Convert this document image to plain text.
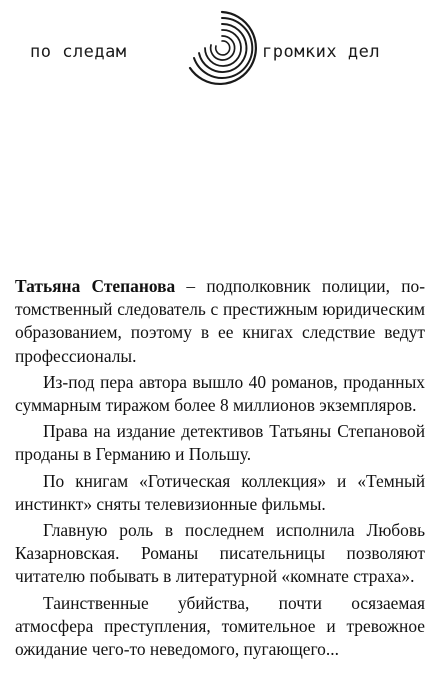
по следам	громких дел

Татьяна Степанова – подполковник полиции, потомственный следователь с престижным юридическим образованием, поэтому в ее книгах следствие ведут профессионалы.

Из-под пера автора вышло 40 романов, проданных суммарным тиражом более 8 миллионов экземпляров.

Права на издание детективов Татьяны Степановой проданы в Германию и Польшу.

По книгам «Готическая коллекция» и «Темный инстинкт» сняты телевизионные фильмы.

Главную роль в последнем исполнила Любовь Казарновская. Романы писательницы позволяют читателю побывать в литературной «комнате страха».

Таинственные убийства, почти осязаемая атмосфера преступления, томительное и тревожное ожидание чего-то неведомого, пугающего...
